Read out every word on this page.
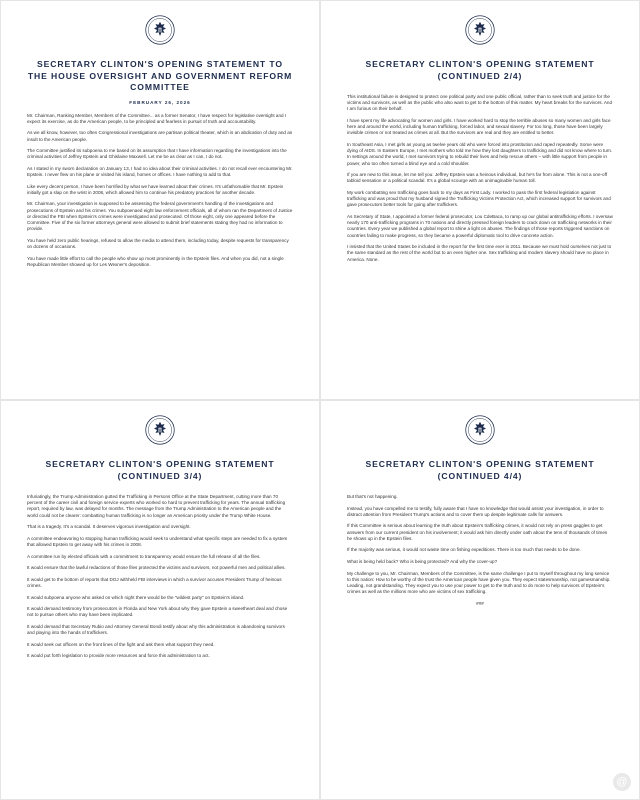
SECRETARY CLINTON'S OPENING STATEMENT TO THE HOUSE OVERSIGHT AND GOVERNMENT REFORM COMMITTEE
FEBRUARY 26, 2026

Mr. Chairman, Ranking Member, Members of the Committee... as a former Senator, I have respect for legislative oversight and I expect its exercise, as do the American people, to be principled and fearless in pursuit of truth and accountability.

As we all know, however, too often Congressional investigations are partisan political theater, which is an abdication of duty and an insult to the American people.

The Committee justified its subpoena to me based on its assumption that I have information regarding the investigations into the criminal activities of Jeffrey Epstein and Ghislaine Maxwell. Let me be as clear as I can, I do not.

As I stated in my sworn declaration on January 13, I had no idea about their criminal activities. I do not recall ever encountering Mr. Epstein. I never flew on his plane or visited his island, homes or offices. I have nothing to add to that.

Like every decent person, I have been horrified by what we have learned about their crimes. It's unfathomable that Mr. Epstein initially got a slap on the wrist in 2008, which allowed him to continue his predatory practices for another decade.

Mr. Chairman, your investigation is supposed to be assessing the federal government's handling of the investigations and prosecutions of Epstein and his crimes. You subpoenaed eight law enforcement officials, all of whom ran the Department of Justice or directed the FBI when Epstein's crimes were investigated and prosecuted. Of those eight, only one appeared before the Committee. Five of the six former attorneys general were allowed to submit brief statements stating they had no information to provide.

You have held zero public hearings, refused to allow the media to attend them, including today, despite requests for transparency on dozens of occasions.

You have made little effort to call the people who show up most prominently in the Epstein files. And when you did, not a single Republican Member showed up for Les Wexner's deposition.

SECRETARY CLINTON'S OPENING STATEMENT (CONTINUED 2/4)

This institutional failure is designed to protect one political party and one public official, rather than to seek truth and justice for the victims and survivors, as well as the public who also want to get to the bottom of this matter. My heart breaks for the survivors. And I am furious on their behalf.

I have spent my life advocating for women and girls. I have worked hard to stop the terrible abuses so many women and girls face here and around the world, including human trafficking, forced labor, and sexual slavery. For too long, those have been largely invisible crimes or not treated as crimes at all. But the survivors are real and they are entitled to better.

In Southeast Asia, I met girls as young as twelve years old who were forced into prostitution and raped repeatedly. Some were dying of AIDS. In Eastern Europe, I met mothers who told me how they lost daughters to trafficking and did not know where to turn. In settings around the world, I met survivors trying to rebuild their lives and help rescue others – with little support from people in power, who too often turned a blind eye and a cold shoulder.

If you are new to this issue, let me tell you: Jeffrey Epstein was a heinous individual, but he's far from alone. This is not a one-off tabloid sensation or a political scandal. It's a global scourge with an unimaginable human toll.

My work combatting sex trafficking goes back to my days as First Lady. I worked to pass the first federal legislation against trafficking and was proud that my husband signed the Trafficking Victims Protection Act, which increased support for survivors and gave prosecutors better tools for going after traffickers.

As Secretary of State, I appointed a former federal prosecutor, Lou CdeBaca, to ramp up our global antitrafficking efforts. I oversaw nearly 170 anti-trafficking programs in 70 nations and directly pressed foreign leaders to crack down on trafficking networks in their countries. Every year we published a global report to shine a light on abuses. The findings of those reports triggered sanctions on countries failing to make progress, so they became a powerful diplomatic tool to drive concrete action.

I insisted that the United States be included in the report for the first time ever in 2011. Because we must hold ourselves not just to the same standard as the rest of the world but to an even higher one. Sex trafficking and modern slavery should have no place in America. None.

SECRETARY CLINTON'S OPENING STATEMENT (CONTINUED 3/4)

Infuriatingly, the Trump Administration gutted the Trafficking in Persons Office at the State Department, cutting more than 70 percent of the career civil and foreign service experts who worked so hard to prevent trafficking for years. The annual trafficking report, required by law, was delayed for months. The message from the Trump Administration to the American people and the world could not be clearer: combatting human trafficking is no longer an American priority under the Trump White House.

That is a tragedy. It's a scandal. It deserves vigorous investigation and oversight.

A committee endeavoring to stopping human trafficking would seek to understand what specific steps are needed to fix a system that allowed Epstein to get away with his crimes in 2008.

A committee run by elected officials with a commitment to transparency would ensure the full release of all the files.

It would ensure that the lawful redactions of those files protected the victims and survivors, not powerful men and political allies.

It would get to the bottom of reports that DOJ withheld FBI interviews in which a survivor accuses President Trump of heinous crimes.

It would subpoena anyone who asked on which night there would be the "wildest party" on Epstein's island.

It would demand testimony from prosecutors in Florida and New York about why they gave Epstein a sweetheart deal and chose not to pursue others who may have been implicated.

It would demand that Secretary Rubio and Attorney General Bondi testify about why this administration is abandoning survivors and playing into the hands of traffickers.

It would seek out officers on the front lines of the fight and ask them what support they need.

It would put forth legislation to provide more resources and force this administration to act.

SECRETARY CLINTON'S OPENING STATEMENT (CONTINUED 4/4)

But that's not happening.

Instead, you have compelled me to testify, fully aware that I have no knowledge that would assist your investigation, in order to distract attention from President Trump's actions and to cover them up despite legitimate calls for answers.

If this Committee is serious about learning the truth about Epstein's trafficking crimes, it would not rely on press gaggles to get answers from our current president on his involvement; it would ask him directly under oath about the tens of thousands of times he shows up in the Epstein files.

If the majority was serious, it would not waste time on fishing expeditions. There is too much that needs to be done.

What is being held back? Who is being protected? And why the cover-up?

My challenge to you, Mr. Chairman, Members of the Committee, is the same challenge I put to myself throughout my long service to this nation: How to be worthy of the trust the American people have given you. They expect statesmanship, not gamesmanship. Leading, not grandstanding. They expect you to use your power to get to the truth and to do more to help survivors of Epstein's crimes as well as the millions more who are victims of sex trafficking.

###

@
